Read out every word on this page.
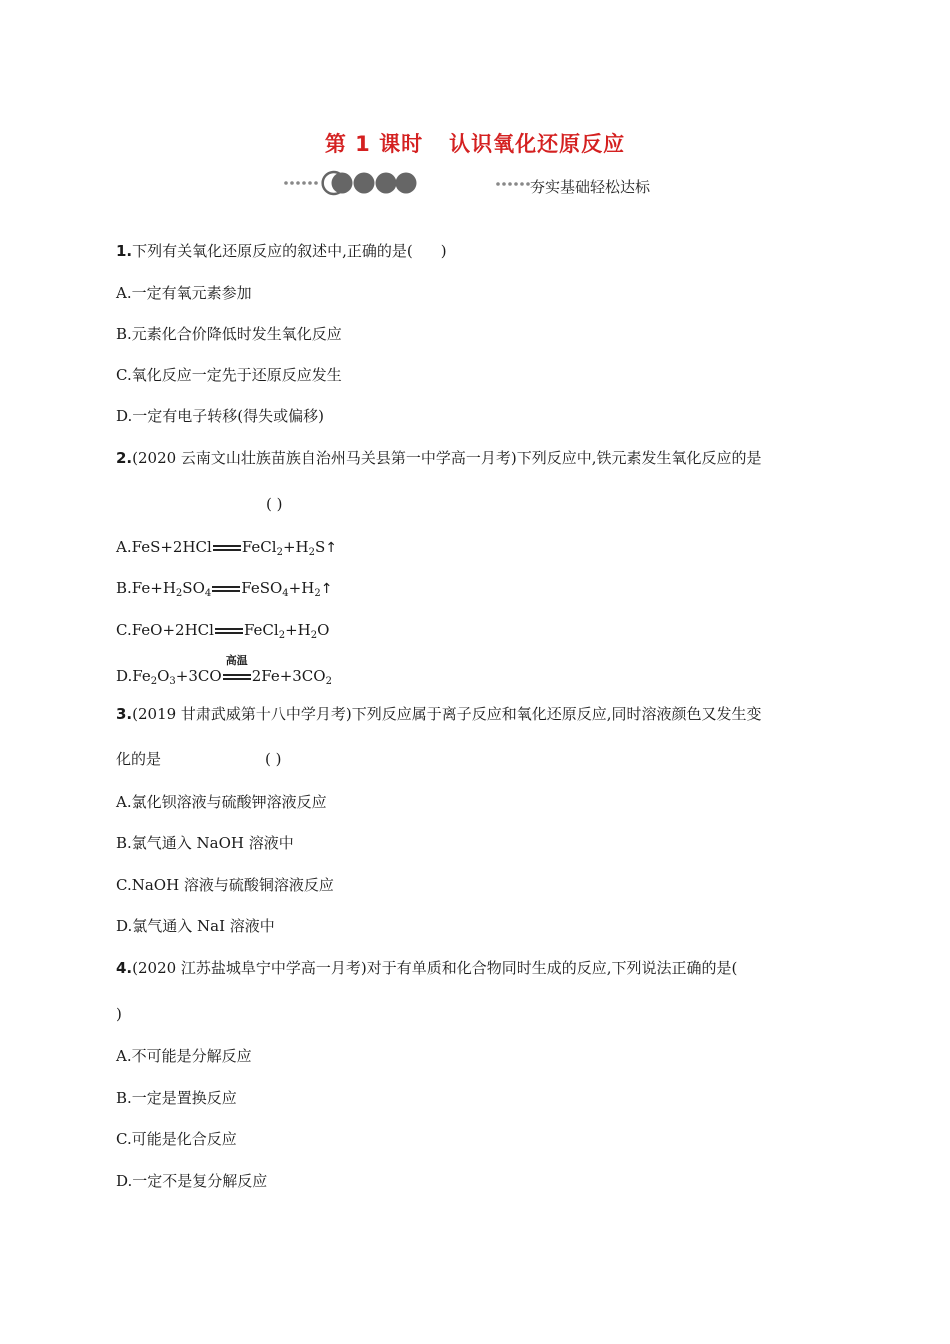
第 1 课时 认识氧化还原反应
夯实基础轻松达标
1.下列有关氧化还原反应的叙述中,正确的是( )
A.一定有氧元素参加
B.元素化合价降低时发生氧化反应
C.氧化反应一定先于还原反应发生
D.一定有电子转移(得失或偏移)
2.(2020 云南文山壮族苗族自治州马关县第一中学高一月考)下列反应中,铁元素发生氧化反应的是
( )
A.FeS+2HCl $FeCl_2+H_2S↑$
$B.Fe+H_2SO_4$ $FeSO_4+H_2↑$
C.FeO+2HCl $FeCl_2+H_2O$
$D.Fe_2O_3+3CO$
高温
$2Fe+3CO_2$
3.(2019 甘肃武威第十八中学月考)下列反应属于离子反应和氧化还原反应,同时溶液颜色又发生变
化的是	( )
A.氯化钡溶液与硫酸钾溶液反应
B.氯气通入 NaOH 溶液中
C.NaOH 溶液与硫酸铜溶液反应
D.氯气通入 NaI 溶液中
4.(2020 江苏盐城阜宁中学高一月考)对于有单质和化合物同时生成的反应,下列说法正确的是(
)
A.不可能是分解反应
B.一定是置换反应
C.可能是化合反应
D.一定不是复分解反应
